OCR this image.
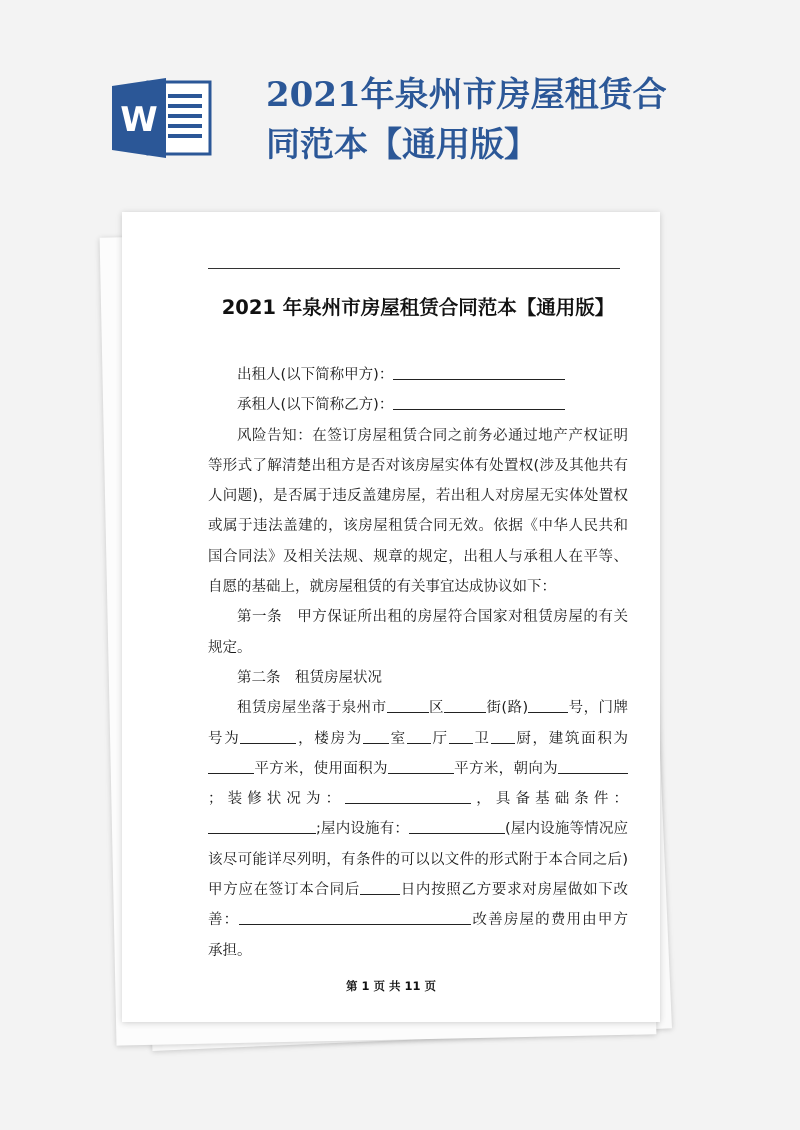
W
2021年泉州市房屋租赁合
同范本【通用版】
2021 年泉州市房屋租赁合同范本【通用版】

出租人(以下简称甲方)：

承租人(以下简称乙方)：

风险告知：在签订房屋租赁合同之前务必通过地产产权证明等形式了解清楚出租方是否对该房屋实体有处置权(涉及其他共有人问题)，是否属于违反盖建房屋，若出租人对房屋无实体处置权或属于违法盖建的，该房屋租赁合同无效。依据《中华人民共和国合同法》及相关法规、规章的规定，出租人与承租人在平等、自愿的基础上，就房屋租赁的有关事宜达成协议如下：

第一条　甲方保证所出租的房屋符合国家对租赁房屋的有关规定。

第二条　租赁房屋状况

租赁房屋坐落于泉州市	区	街(路)	号，门牌号为	，楼房为 室 厅 卫 厨，建筑面积为平方米，使用面积为	平方米，朝向为；装修状况为：	，具备基础条件：;屋内设施有：	(屋内设施等情况应该尽可能详尽列明，有条件的可以以文件的形式附于本合同之后)甲方应在签订本合同后	日内按照乙方要求对房屋做如下改善：	改善房屋的费用由甲方承担。

第 1 页 共 11 页
